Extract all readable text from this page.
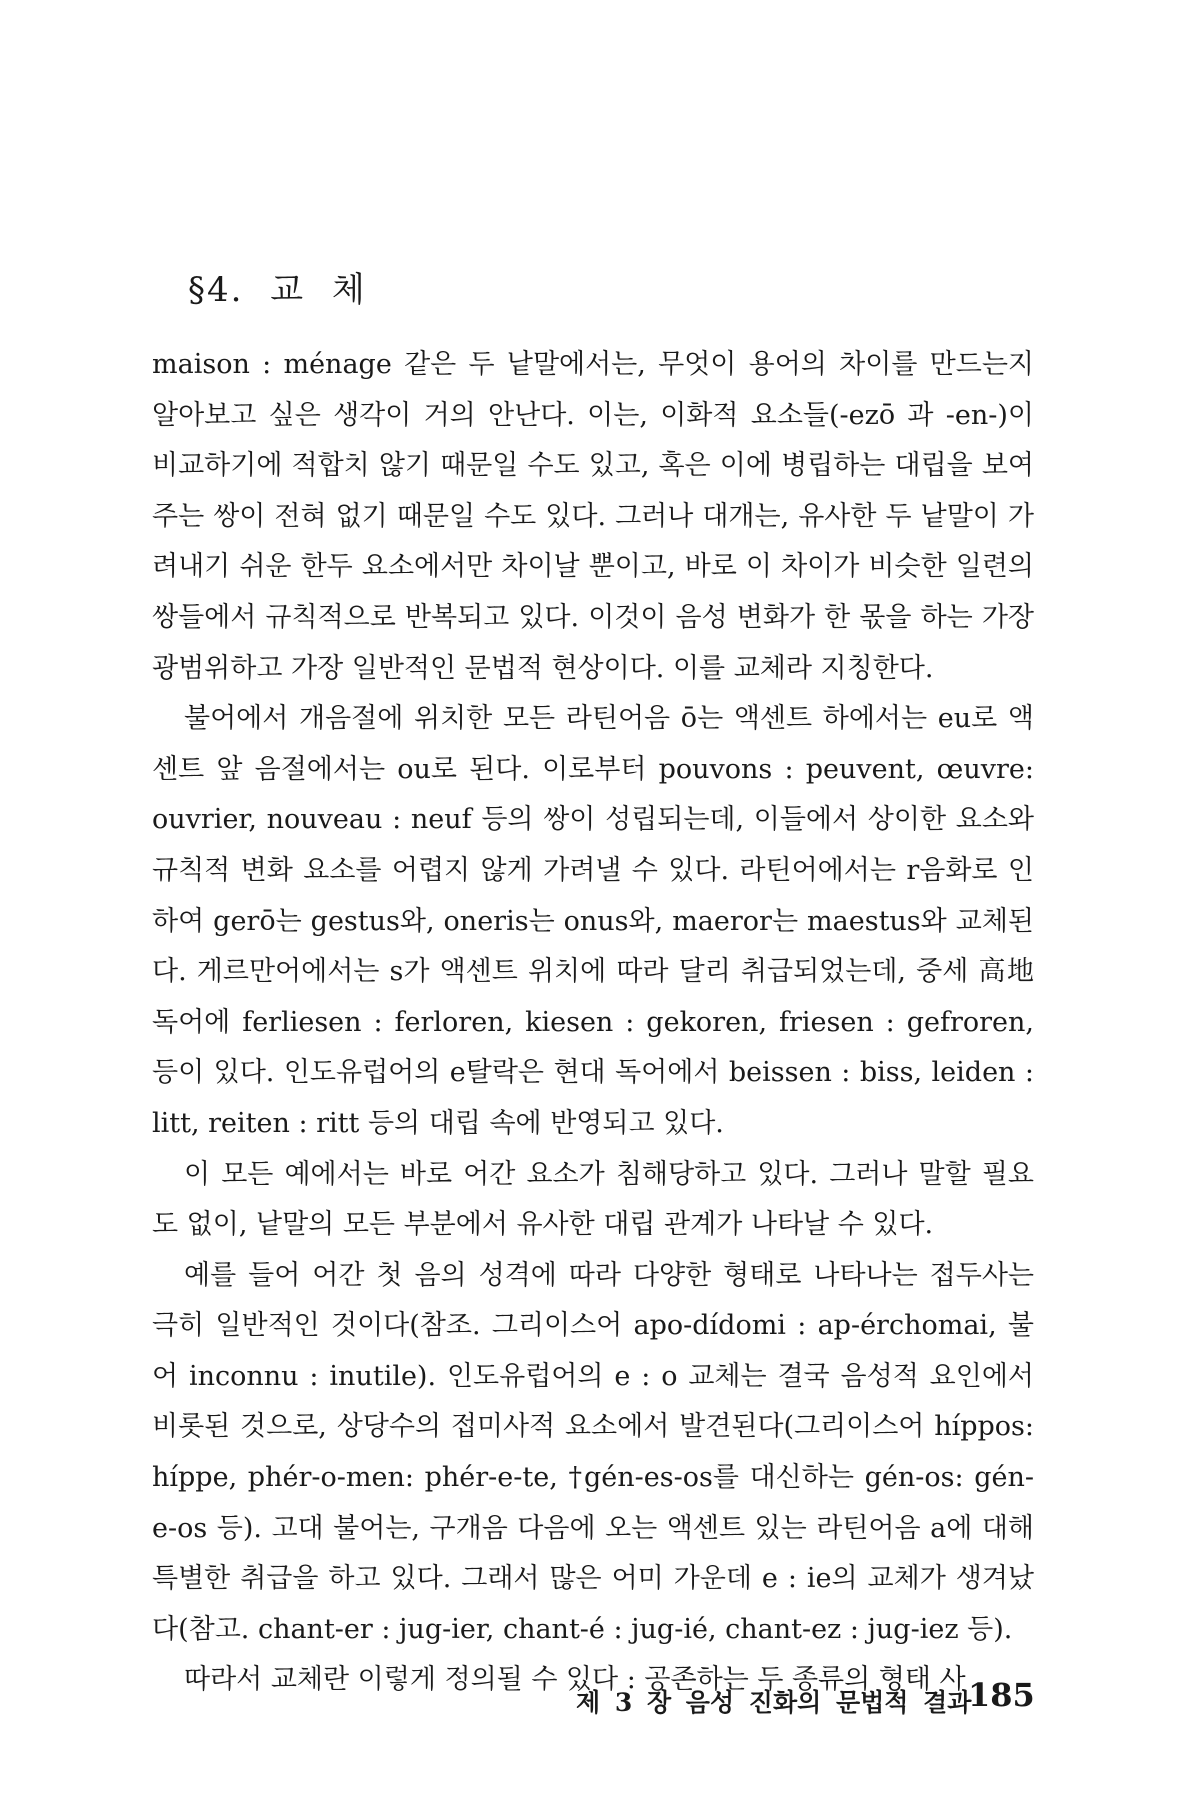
§4. 교 체

maison : ménage 같은 두 낱말에서는, 무엇이 용어의 차이를 만드는지 알아보고 싶은 생각이 거의 안난다. 이는, 이화적 요소들(-ezō 과 -en-)이 비교하기에 적합치 않기 때문일 수도 있고, 혹은 이에 병립하는 대립을 보여주는 쌍이 전혀 없기 때문일 수도 있다. 그러나 대개는, 유사한 두 낱말이 가려내기 쉬운 한두 요소에서만 차이날 뿐이고, 바로 이 차이가 비슷한 일련의 쌍들에서 규칙적으로 반복되고 있다. 이것이 음성 변화가 한 몫을 하는 가장 광범위하고 가장 일반적인 문법적 현상이다. 이를 교체라 지칭한다.

불어에서 개음절에 위치한 모든 라틴어음 ō는 액센트 하에서는 eu로 액센트 앞 음절에서는 ou로 된다. 이로부터 pouvons : peuvent, œuvre: ouvrier, nouveau : neuf 등의 쌍이 성립되는데, 이들에서 상이한 요소와 규칙적 변화 요소를 어렵지 않게 가려낼 수 있다. 라틴어에서는 r음화로 인하여 gerō는 gestus와, oneris는 onus와, maeror는 maestus와 교체된다. 게르만어에서는 s가 액센트 위치에 따라 달리 취급되었는데, 중세 高地 독어에 ferliesen : ferloren, kiesen : gekoren, friesen : gefroren, 등이 있다. 인도유럽어의 e탈락은 현대 독어에서 beissen : biss, leiden : litt, reiten : ritt 등의 대립 속에 반영되고 있다.

이 모든 예에서는 바로 어간 요소가 침해당하고 있다. 그러나 말할 필요도 없이, 낱말의 모든 부분에서 유사한 대립 관계가 나타날 수 있다.

예를 들어 어간 첫 음의 성격에 따라 다양한 형태로 나타나는 접두사는 극히 일반적인 것이다(참조. 그리이스어 apo-dídomi : ap-érchomai, 불어 inconnu : inutile). 인도유럽어의 e : o 교체는 결국 음성적 요인에서 비롯된 것으로, 상당수의 접미사적 요소에서 발견된다(그리이스어 híppos: híppe, phér-o-men: phér-e-te, †gén-es-os를 대신하는 gén-os: gén-e-os 등). 고대 불어는, 구개음 다음에 오는 액센트 있는 라틴어음 a에 대해 특별한 취급을 하고 있다. 그래서 많은 어미 가운데 e : ie의 교체가 생겨났다(참고. chant-er : jug-ier, chant-é : jug-ié, chant-ez : jug-iez 등).

따라서 교체란 이렇게 정의될 수 있다 : 공존하는 두 종류의 형태 사

제 3 장 음성 진화의 문법적 결과
185
